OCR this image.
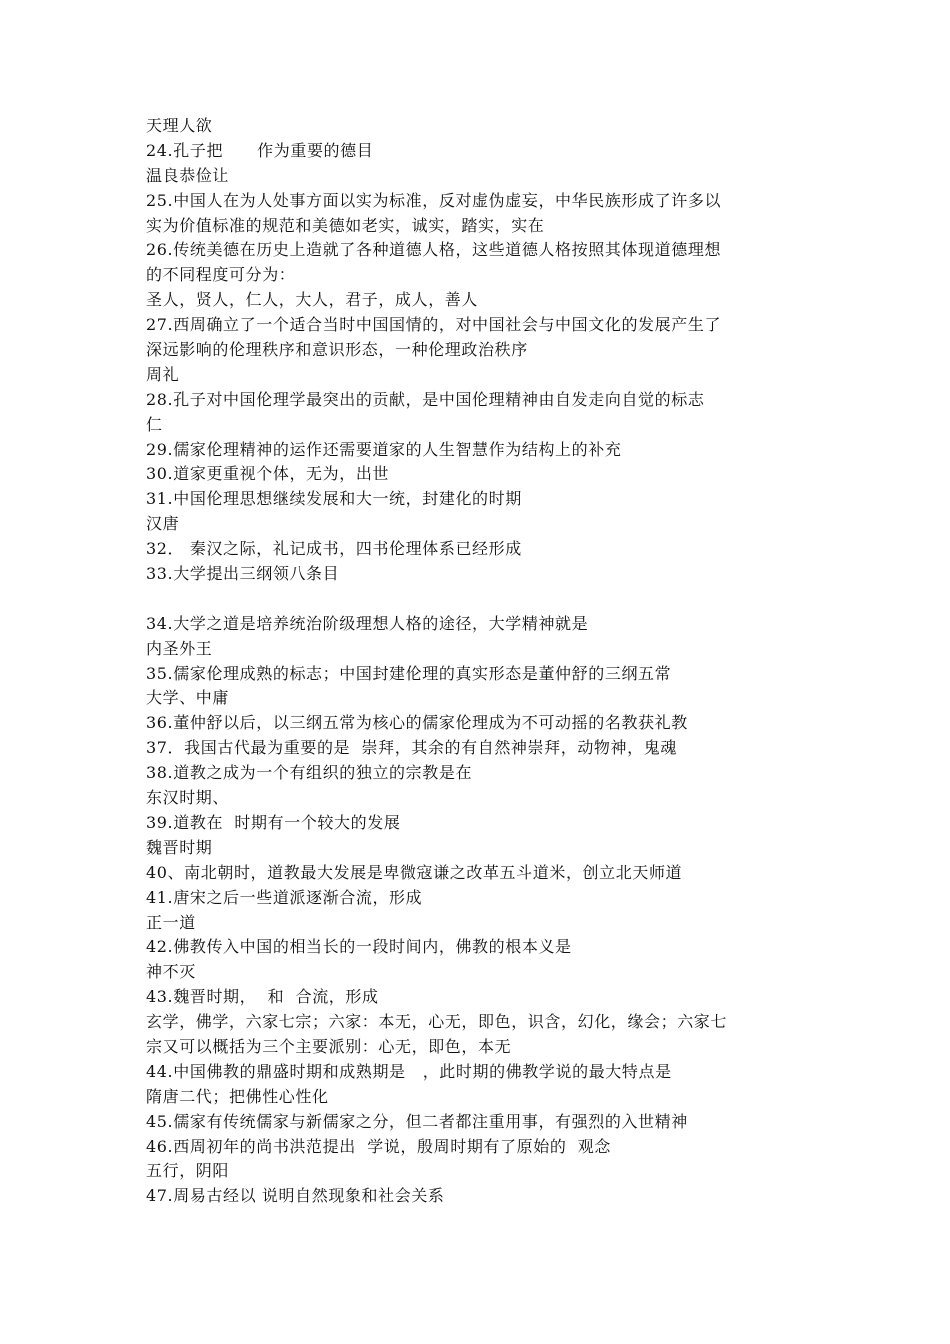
天理人欲
24.孔子把      作为重要的德目
温良恭俭让
25.中国人在为人处事方面以实为标准，反对虚伪虚妄，中华民族形成了许多以
实为价值标准的规范和美德如老实，诚实，踏实，实在
26.传统美德在历史上造就了各种道德人格，这些道德人格按照其体现道德理想
的不同程度可分为：
圣人，贤人，仁人，大人，君子，成人，善人
27.西周确立了一个适合当时中国国情的，对中国社会与中国文化的发展产生了
深远影响的伦理秩序和意识形态，一种伦理政治秩序
周礼
28.孔子对中国伦理学最突出的贡献，是中国伦理精神由自发走向自觉的标志
仁
29.儒家伦理精神的运作还需要道家的人生智慧作为结构上的补充
30.道家更重视个体，无为，出世
31.中国伦理思想继续发展和大一统，封建化的时期
汉唐
32． 秦汉之际，礼记成书，四书伦理体系已经形成
33.大学提出三纲领八条目
34.大学之道是培养统治阶级理想人格的途径，大学精神就是
内圣外王
35.儒家伦理成熟的标志；中国封建伦理的真实形态是董仲舒的三纲五常
大学、中庸
36.董仲舒以后，以三纲五常为核心的儒家伦理成为不可动摇的名教获礼教
37．我国古代最为重要的是  崇拜，其余的有自然神崇拜，动物神，鬼魂
38.道教之成为一个有组织的独立的宗教是在
东汉时期、
39.道教在  时期有一个较大的发展
魏晋时期
40、南北朝时，道教最大发展是卑微寇谦之改革五斗道米，创立北天师道
41.唐宋之后一些道派逐渐合流，形成
正一道
42.佛教传入中国的相当长的一段时间内，佛教的根本义是
神不灭
43.魏晋时期，  和  合流，形成
玄学，佛学，六家七宗；六家：本无，心无，即色，识含，幻化，缘会；六家七
宗又可以概括为三个主要派别：心无，即色，本无
44.中国佛教的鼎盛时期和成熟期是   ，此时期的佛教学说的最大特点是
隋唐二代；把佛性心性化
45.儒家有传统儒家与新儒家之分，但二者都注重用事，有强烈的入世精神
46.西周初年的尚书洪范提出  学说，殷周时期有了原始的  观念
五行，阴阳
47.周易古经以 说明自然现象和社会关系
